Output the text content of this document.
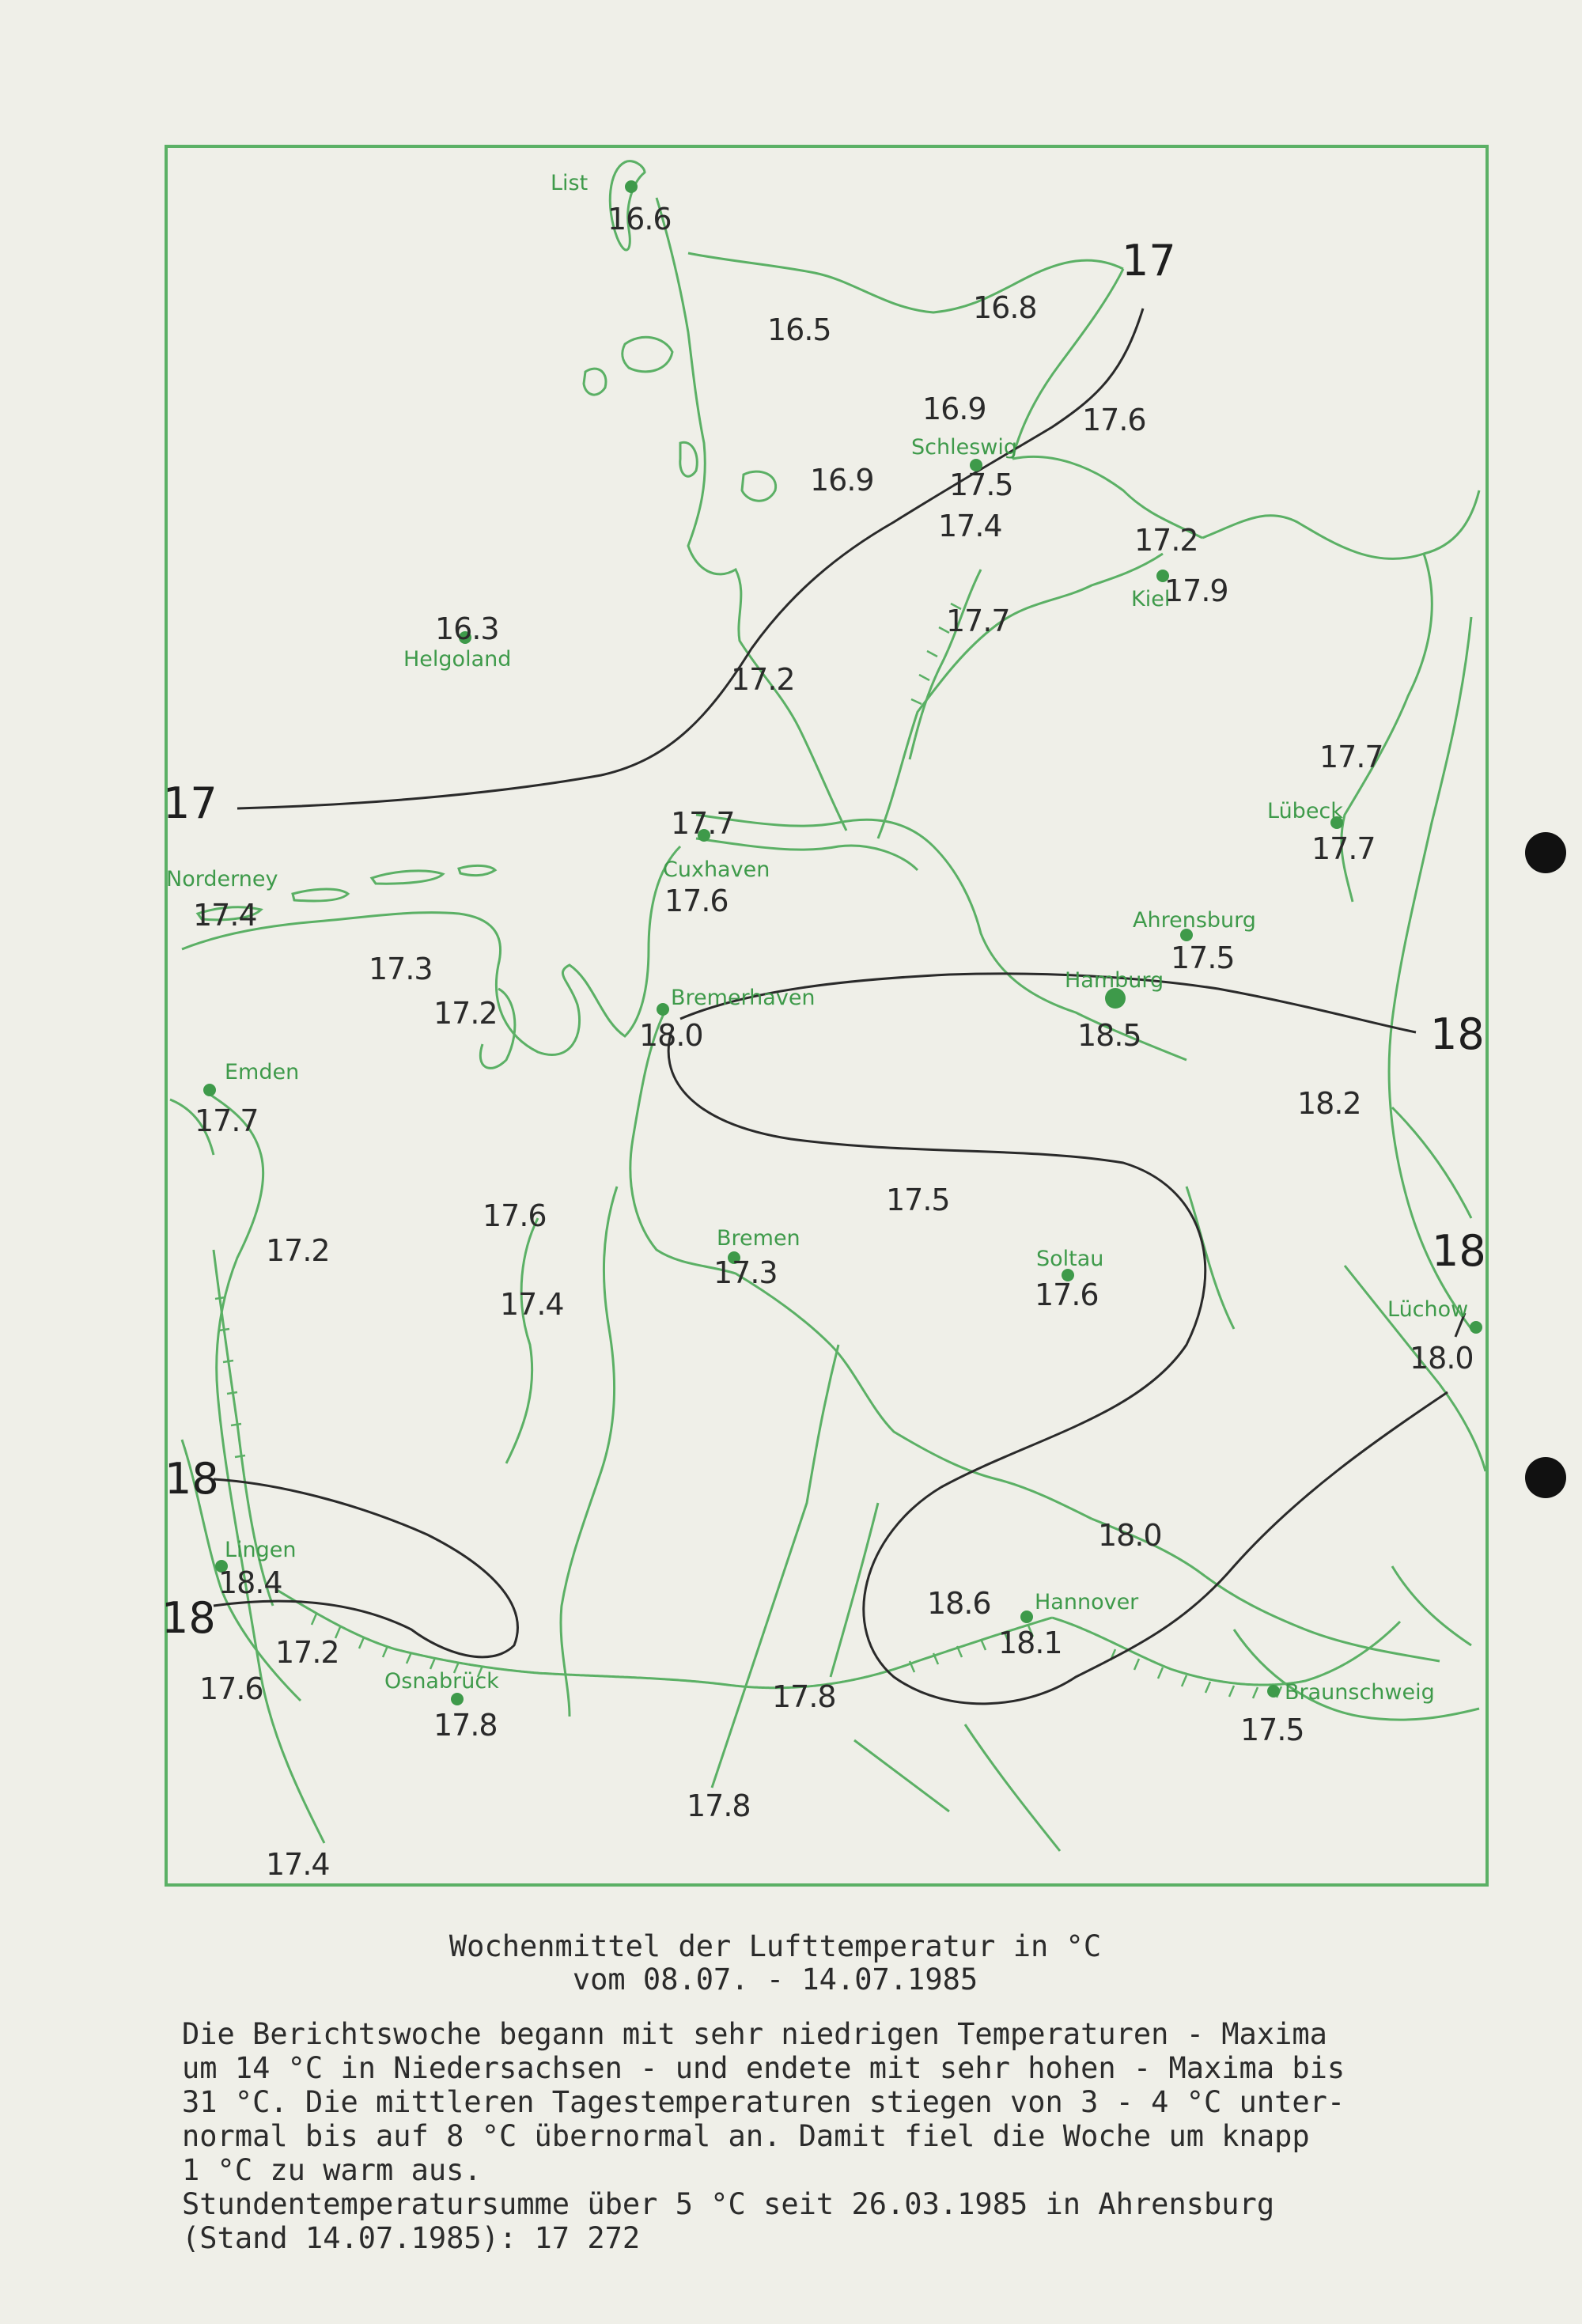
List
16.6
Schleswig
17.5
Kiel
17.9
16.3
Helgoland
Lübeck
17.7
Norderney
17.4
Cuxhaven
17.6
Ahrensburg
17.5
Hamburg
18.5
Bremerhaven
18.0
Emden
17.7
Bremen
17.3	Soltau
17.6	Lüchow
18.0
Lingen
18.4
Osnabrück
17.8
Hannover
18.1
Braunschweig
17.5
16.8
16.5
16.9	17.6
16.9
17.4	17.2
17.7
17.2
17.7
17.7
17.3
17.2
18.2
17.5
17.6
17.2
17.4
18.0
18.6
17.2
17.6	17.8
17.8
17.4
17
17
18
18
18
18
Wochenmittel der Lufttemperatur in °C
vom 08.07. - 14.07.1985
Die Berichtswoche begann mit sehr niedrigen Temperaturen - Maxima
um 14 °C in Niedersachsen - und endete mit sehr hohen - Maxima bis
31 °C. Die mittleren Tagestemperaturen stiegen von 3 - 4 °C unter-
normal bis auf 8 °C übernormal an. Damit fiel die Woche um knapp
1 °C zu warm aus.
Stundentemperatursumme über 5 °C seit 26.03.1985 in Ahrensburg
(Stand 14.07.1985): 17 272
